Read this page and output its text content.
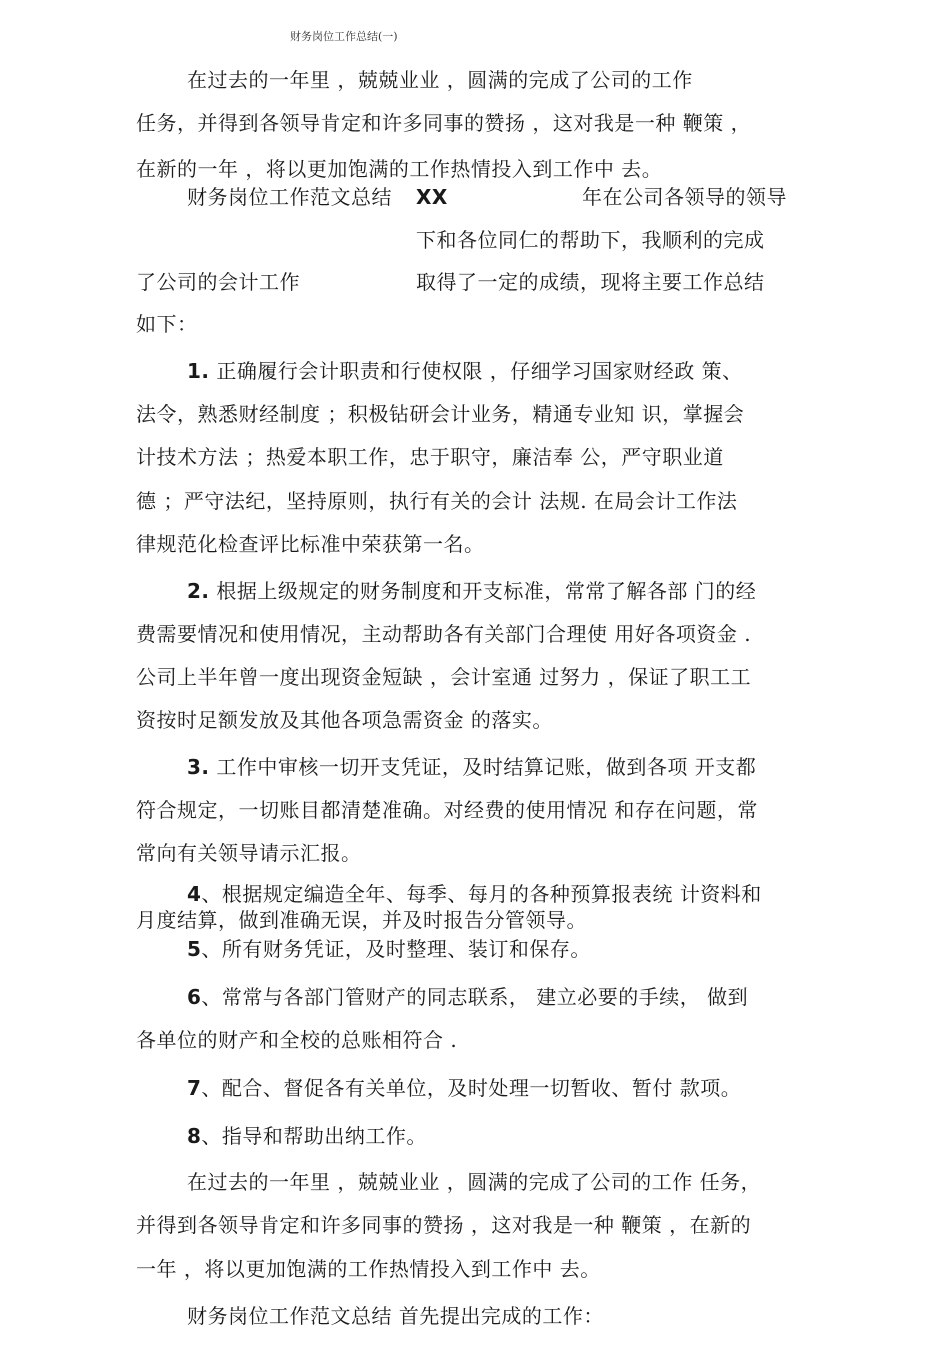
财务岗位工作总结(一)
在过去的一年里 ，兢兢业业 ，圆满的完成了公司的工作
任务，并得到各领导肯定和许多同事的赞扬 ，这对我是一种 鞭策 ，
在新的一年 ，将以更加饱满的工作热情投入到工作中 去。
财务岗位工作范文总结 XX	年在公司各领导的领导
下和各位同仁的帮助下，我顺利的完成
了公司的会计工作	取得了一定的成绩，现将主要工作总结
如下：
1. 正确履行会计职责和行使权限 ，仔细学习国家财经政 策、
法令，熟悉财经制度 ；积极钻研会计业务，精通专业知 识，掌握会
计技术方法 ；热爱本职工作，忠于职守，廉洁奉 公，严守职业道
德 ；严守法纪，坚持原则，执行有关的会计 法规. 在局会计工作法
律规范化检查评比标准中荣获第一名。
2. 根据上级规定的财务制度和开支标准，常常了解各部 门的经
费需要情况和使用情况，主动帮助各有关部门合理使 用好各项资金 .
公司上半年曾一度出现资金短缺 ，会计室通 过努力 ，保证了职工工
资按时足额发放及其他各项急需资金 的落实。
3. 工作中审核一切开支凭证，及时结算记账，做到各项 开支都
符合规定，一切账目都清楚准确。对经费的使用情况 和存在问题，常
常向有关领导请示汇报。
4、根据规定编造全年、每季、每月的各种预算报表统 计资料和
月度结算，做到准确无误，并及时报告分管领导。
5、所有财务凭证，及时整理、装订和保存。
6、常常与各部门管财产的同志联系， 建立必要的手续， 做到
各单位的财产和全校的总账相符合 .
7、配合、督促各有关单位，及时处理一切暂收、暂付 款项。
8、指导和帮助出纳工作。
在过去的一年里 ，兢兢业业 ，圆满的完成了公司的工作 任务，
并得到各领导肯定和许多同事的赞扬 ，这对我是一种 鞭策 ，在新的
一年 ，将以更加饱满的工作热情投入到工作中 去。
财务岗位工作范文总结 首先提出完成的工作：
